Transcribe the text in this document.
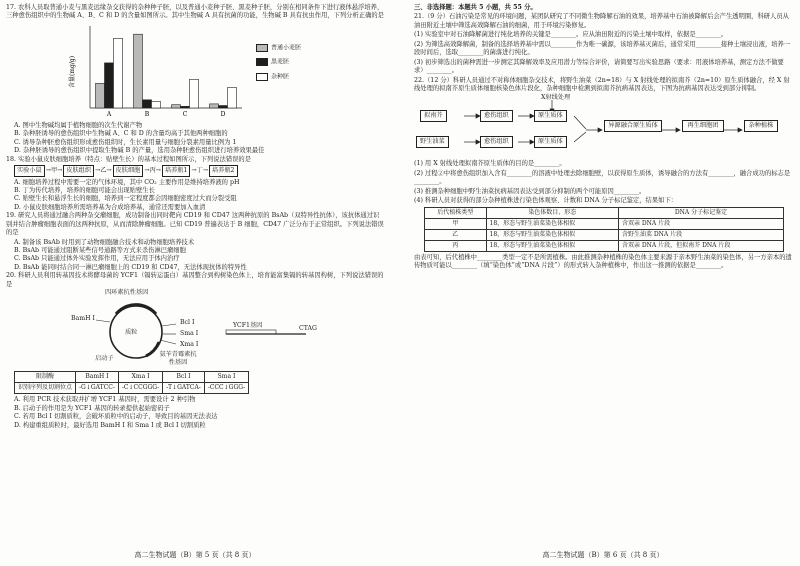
17. 农科人员取普通小麦与黑麦远缘杂交获得的杂种种子胚，以及普通小麦种子胚、黑麦种子胚，分别在相同条件下进行液体悬浮培养，三种愈伤组织中的生物碱 A、B、C 和 D 的含量如图所示。其中生物碱 A 具有抗菌的功能，生物碱 B 具有抗虫作用，下列分析正确的是

含量(mg/g)
A	B	C	D
普通小麦胚
黑麦胚
杂种胚

A. 图中生物碱均属于植物细胞的次生代谢产物

B. 杂种胚诱导的愈伤组织中生物碱 A、C 和 D 的含量均高于其他两种细胞的

C. 诱导杂种胚愈伤组织形成愈伤组织时，生长素用量与细胞分裂素用量比例为 1

D. 杂种胚诱导的愈伤组织中提取生物碱 B 的产量，选用杂种胚愈伤组织进行培养效果最佳

18. 实验小鼠皮肤细胞培养（特点：贴壁生长）的基本过程如图所示，下列说法错误的是

实验小鼠 →甲→ 皮肤组织 →乙→ 皮肤细胞 →丙→ 培养瓶1 →丁→ 培养瓶2

A. 细胞培养过程中需要一定的气体环境，其中 CO₂ 主要作用是维持培养液的 pH

B. 丁为传代培养，培养的细胞可能会出现贴壁生长

C. 贴壁生长和悬浮生长的细胞，培养到一定程度都会因细胞密度过大而分裂受阻

D. 小鼠皮肤细胞培养所需培养基为合成培养基，通常还需要加入血清

19. 研究人员将通过融合两种杂交瘤细胞，成功制备出同时靶向 CD19 和 CD47 这两种抗原的 BsAb（双特异性抗体），该抗体通过识别并结合肿瘤细胞表面的这两种抗原，从而清除肿瘤细胞。已知 CD19 普遍表达于 B 细胞，CD47 广泛分布于正常组织。下列说法错误的是

A. 制备该 BsAb 时用到了动物细胞融合技术和动物细胞培养技术

B. BsAb 可能通过阻断某些信号通路等方式来杀伤淋巴瘤细胞

C. BsAb 只能通过体外实验发挥作用，无法应用于体内治疗

D. BsAb 能同时结合同一淋巴瘤细胞上的 CD19 和 CD47，无法体现抗体的特异性

20. 科研人员利用转基因技术将酵母菌的 YCF1（镉转运蛋白）基因整合到构树染色体上，培育能富集镉的转基因构树，下列说法错误的是

四环素抗性基因
质粒
BamH I
Bcl I
Sma I
Xma I
启动子
氨苄青霉素抗性基因
YCF1基因	CTAG
限制酶	BamH I	Xma I	Bcl I	Sma I
识别序列及切割位点	-G↓GATCC-	-C↓CCGGG-	-T↓GATCA-	-CCC↓GGG-

A. 利用 PCR 技术获取并扩增 YCF1 基因时，需要设计 2 种引物

B. 启动子的作用是为 YCF1 基因的转录提供起始密码子

C. 若用 Bcl I 切割质粒，会破坏质粒中的启动子，导致目的基因无法表达

D. 构建重组质粒时，最好选用 BamH I 和 Sma I 或 Bcl I 切割质粒

高二生物试题（B）第 5 页（共 8 页）

三、非选择题：本题共 5 小题，共 55 分。

21.（9 分）石油污染是常见的环境问题，某团队研究了不同微生物降解石油的效果，培养基中石油被降解后会产生透明圈，科研人员从油田附近土壤中筛选高效降解石油的细菌，用于环境污染修复。

(1) 实验室中对石油降解菌进行纯化培养的关键是________。应从油田附近的污染土壤中取样，依据是________。

(2) 为筛选高效降解菌，制备的选择培养基中需以________作为唯一碳源，该培养基灭菌后，通常采用________接种土壤浸出液，培养一段时间后，选取________的菌落进行纯化。

(3) 初步筛选出的菌种需进一步测定其降解效率及应用潜力等综合评价，请简要写出实验思路（要求：用液体培养基，测定方法不做要求）________。

22.（12 分）科研人员通过不对称体细胞杂交技术，将野生油菜（2n=18）与 X 射线处理的拟南芥（2n=10）原生质体融合，经 X 射线处理的拟南芥原生质体细胞核染色体片段化，杂种细胞中检测到拟南芥抗病基因表达，下图为抗病基因表达受到部分抑制。

拟南芥
野生油菜
愈伤组织
愈伤组织
原生质体
原生质体
X射线处理
异源融合原生质体	再生细胞团	杂种植株

(1) 用 X 射线处理拟南芥原生质体的目的是________。

(2) 过程②中将愈伤组织加入含有________的溶液中处理去除细胞壁，以获得原生质体，诱导融合的方法有________，融合成功的标志是________。

(3) 推测杂种细胞中野生油菜抗病基因表达受到部分抑制的两个可能原因________。

(4) 科研人员对获得的部分杂种植株进行染色体观察、计数和 DNA 分子标记鉴定，结果如下：

后代植株类型	染色体数目、形态	DNA 分子标记鉴定
甲	18，形态与野生油菜染色体相似	含双亲 DNA 片段
乙	18，形态与野生油菜染色体相似	含野生油菜 DNA 片段
丙	18，形态与野生油菜染色体相似	含双亲 DNA 片段，但拟南芥 DNA 片段

由表可知，后代植株中________类型一定不是所需植株。由此推测杂种植株的染色体主要来源于亲本野生油菜的染色体，另一方亲本的遗传物质可能以________（填“染色体”或“DNA 片段”）的形式转入杂种植株中，作出这一推测的依据是________。

高二生物试题（B）第 6 页（共 8 页）
